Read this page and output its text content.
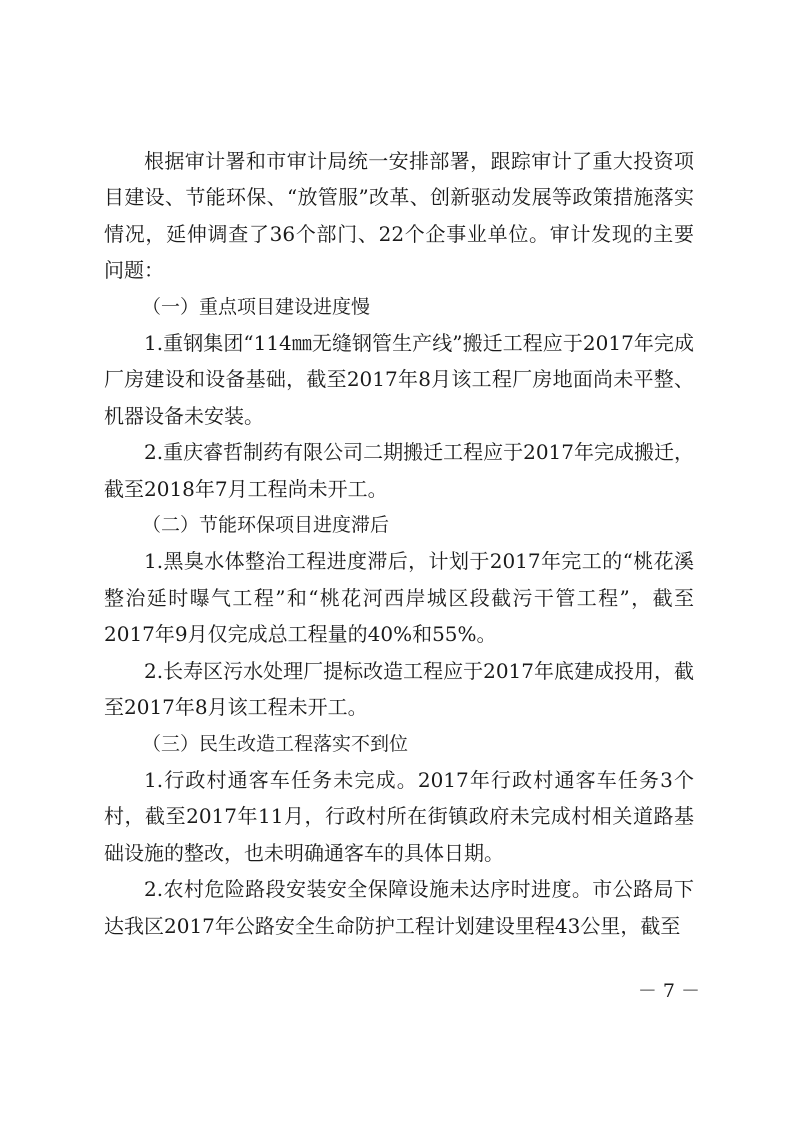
根据审计署和市审计局统一安排部署，跟踪审计了重大投资项目建设、节能环保、“放管服”改革、创新驱动发展等政策措施落实情况，延伸调查了36个部门、22个企事业单位。审计发现的主要问题：

（一）重点项目建设进度慢

1.重钢集团“114㎜无缝钢管生产线”搬迁工程应于2017年完成厂房建设和设备基础，截至2017年8月该工程厂房地面尚未平整、机器设备未安装。

2.重庆睿哲制药有限公司二期搬迁工程应于2017年完成搬迁，截至2018年7月工程尚未开工。

（二）节能环保项目进度滞后

1.黑臭水体整治工程进度滞后，计划于2017年完工的“桃花溪整治延时曝气工程”和“桃花河西岸城区段截污干管工程”，截至2017年9月仅完成总工程量的40%和55%。

2.长寿区污水处理厂提标改造工程应于2017年底建成投用，截至2017年8月该工程未开工。

（三）民生改造工程落实不到位

1.行政村通客车任务未完成。2017年行政村通客车任务3个村，截至2017年11月，行政村所在街镇政府未完成村相关道路基础设施的整改，也未明确通客车的具体日期。

2.农村危险路段安装安全保障设施未达序时进度。市公路局下达我区2017年公路安全生命防护工程计划建设里程43公里，截至

－ 7 －
